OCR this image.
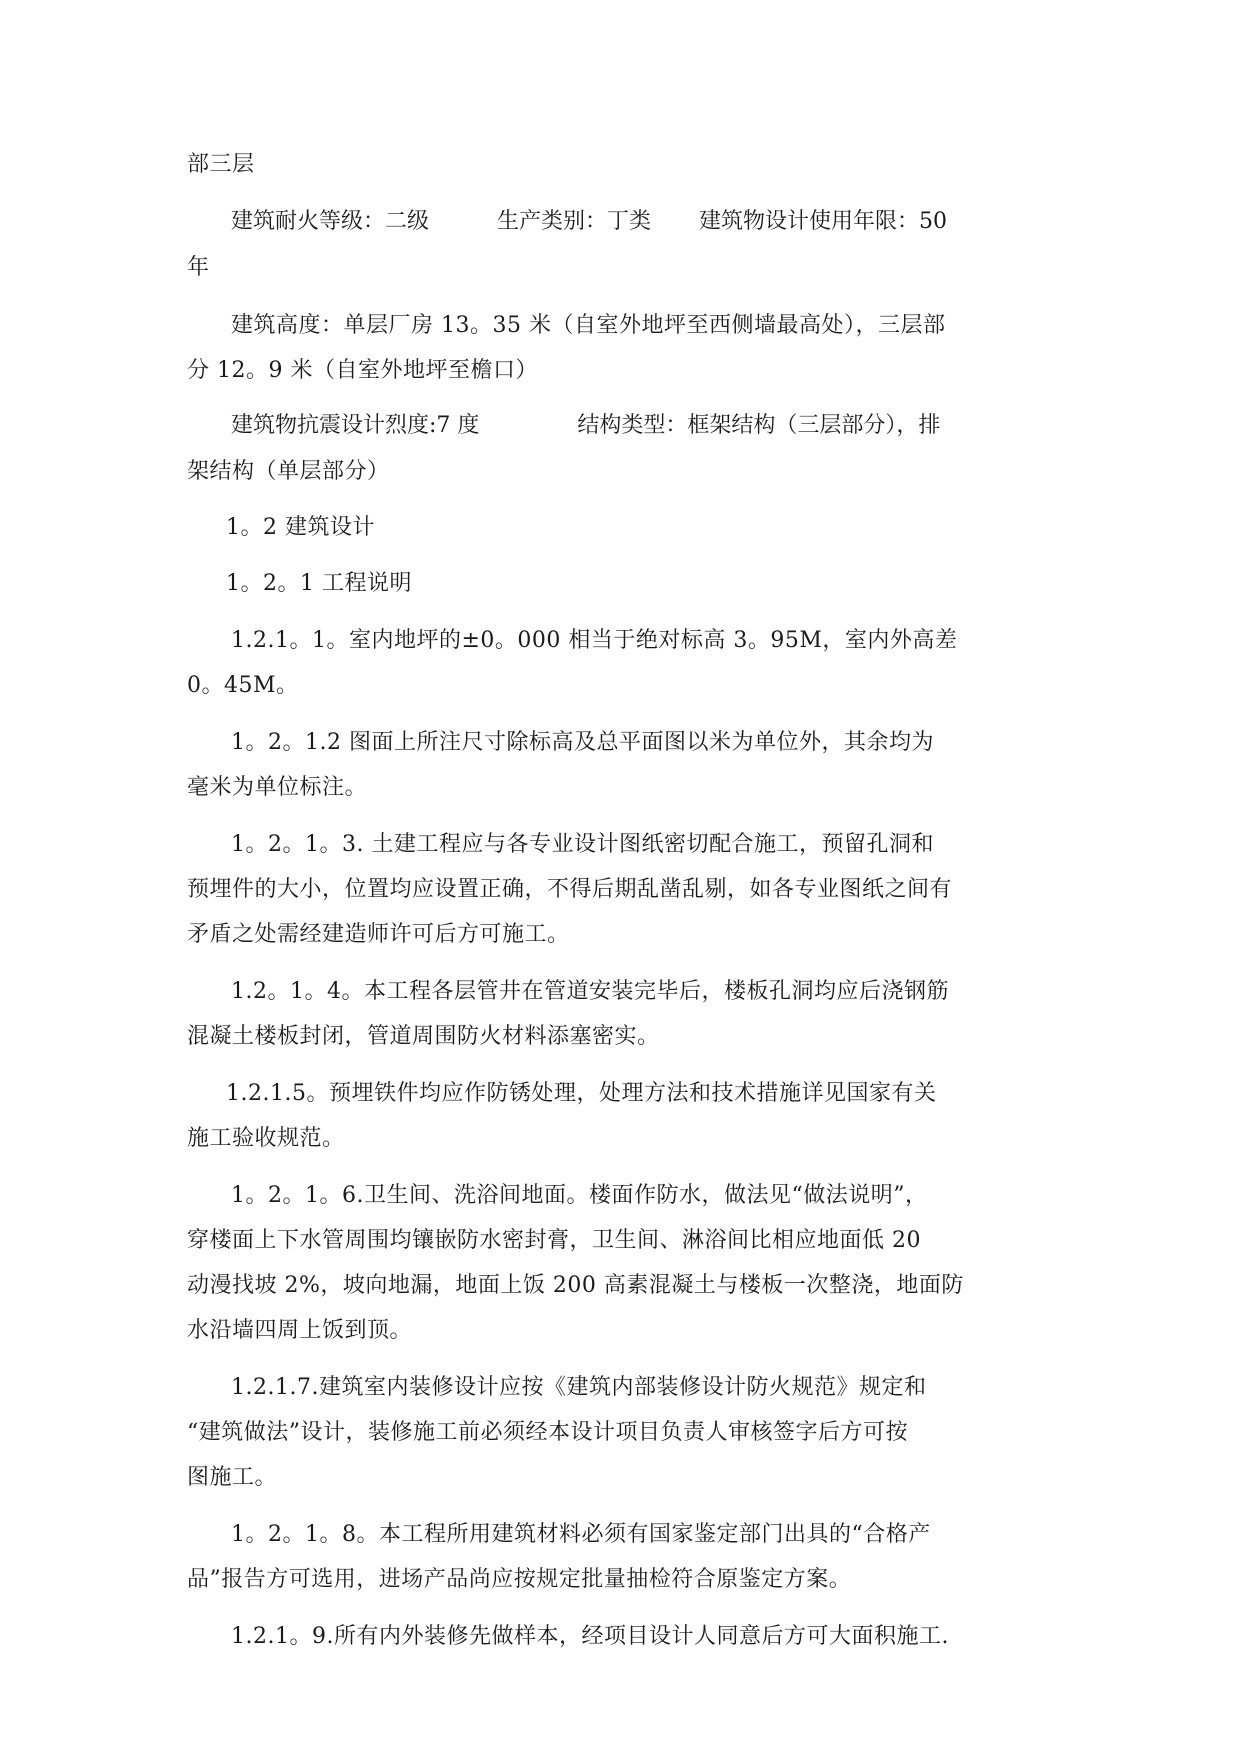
部三层
建筑耐火等级：二级	生产类别：丁类 建筑物设计使用年限：50
年
建筑高度：单层厂房 13。35 米（自室外地坪至西侧墙最高处），三层部
分 12。9 米（自室外地坪至檐口）
建筑物抗震设计烈度:7 度	结构类型：框架结构（三层部分），排
架结构（单层部分）
1。2 建筑设计
1。2。1 工程说明
1.2.1。1。室内地坪的±0。000 相当于绝对标高 3。95M，室内外高差
0。45M。
1。2。1.2 图面上所注尺寸除标高及总平面图以米为单位外，其余均为
毫米为单位标注。
1。2。1。3. 土建工程应与各专业设计图纸密切配合施工，预留孔洞和
预埋件的大小，位置均应设置正确，不得后期乱凿乱剔，如各专业图纸之间有
矛盾之处需经建造师许可后方可施工。
1.2。1。4。本工程各层管井在管道安装完毕后，楼板孔洞均应后浇钢筋
混凝土楼板封闭，管道周围防火材料添塞密实。
1.2.1.5。预埋铁件均应作防锈处理，处理方法和技术措施详见国家有关
施工验收规范。
1。2。1。6.卫生间、洗浴间地面。楼面作防水，做法见“做法说明”，
穿楼面上下水管周围均镶嵌防水密封膏，卫生间、淋浴间比相应地面低 20
动漫找坡 2%，坡向地漏，地面上饭 200 高素混凝土与楼板一次整浇，地面防
水沿墙四周上饭到顶。
1.2.1.7.建筑室内装修设计应按《建筑内部装修设计防火规范》规定和
“建筑做法”设计，装修施工前必须经本设计项目负责人审核签字后方可按
图施工。
1。2。1。8。本工程所用建筑材料必须有国家鉴定部门出具的“合格产
品”报告方可选用，进场产品尚应按规定批量抽检符合原鉴定方案。
1.2.1。9.所有内外装修先做样本，经项目设计人同意后方可大面积施工.
